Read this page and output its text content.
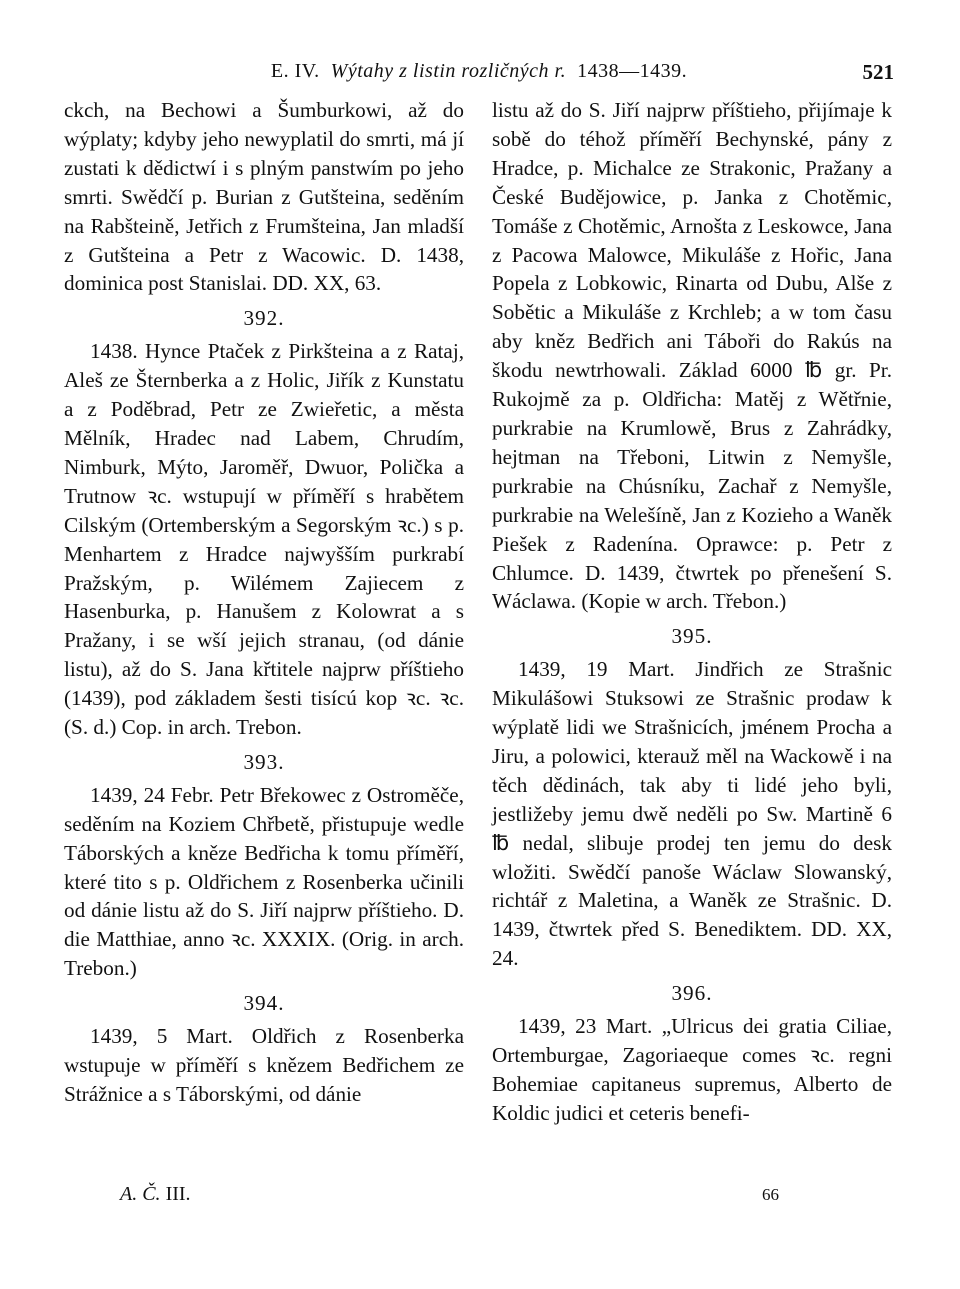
E. IV. Wýtahy z listin rozličných r. 1438—1439.	521

ckch, na Bechowi a Šumburkowi, až do wýplaty; kdyby jeho newyplatil do smrti, má jí zustati k dědictwí i s plným panstwím po jeho smrti. Swědčí p. Burian z Gutšteina, seděním na Rabšteině, Jetřich z Frumšteina, Jan mladší z Gutšteina a Petr z Wacowic. D. 1438, dominica post Stanislai. DD. XX, 63.

392.

1438. Hynce Ptaček z Pirkšteina a z Rataj, Aleš ze Šternberka a z Holic, Jiřík z Kunstatu a z Poděbrad, Petr ze Zwieřetic, a města Mělník, Hradec nad Labem, Chrudím, Nimburk, Mýto, Jaroměř, Dwuor, Polička a Trutnow ꝛc. wstupují w příměří s hrabětem Cilským (Ortemberským a Segorským ꝛc.) s p. Menhartem z Hradce najwyšším purkrabí Pražským, p. Wilémem Zajiecem z Hasenburka, p. Hanušem z Kolowrat a s Pražany, i se wší jejich stranau, (od dánie listu), až do S. Jana křtitele najprw příštieho (1439), pod základem šesti tisícú kop ꝛc. ꝛc. (S. d.) Cop. in arch. Trebon.

393.

1439, 24 Febr. Petr Břekowec z Ostroměče, seděním na Koziem Chřbetě, přistupuje wedle Táborských a kněze Bedřicha k tomu příměří, které tito s p. Oldřichem z Rosenberka učinili od dánie listu až do S. Jiří najprw příštieho. D. die Matthiae, anno ꝛc. XXXIX. (Orig. in arch. Trebon.)

394.

1439, 5 Mart. Oldřich z Rosenberka wstupuje w příměří s knězem Bedřichem ze Strážnice a s Táborskými, od dánie

listu až do S. Jiří najprw příštieho, přijímaje k sobě do téhož příměří Bechynské, pány z Hradce, p. Michalce ze Strakonic, Pražany a České Budějowice, p. Janka z Chotěmic, Tomáše z Chotěmic, Arnošta z Leskowce, Jana z Pacowa Malowce, Mikuláše z Hořic, Jana Popela z Lobkowic, Rinarta od Dubu, Alše z Sobětic a Mikuláše z Krchleb; a w tom času aby kněz Bedřich ani Táboři do Rakús na škodu newtrhowali. Základ 6000 ℔ gr. Pr. Rukojmě za p. Oldřicha: Matěj z Wětřnie, purkrabie na Krumlowě, Brus z Zahrádky, hejtman na Třeboni, Litwin z Nemyšle, purkrabie na Chúsníku, Zachař z Nemyšle, purkrabie na Welešíně, Jan z Kozieho a Waněk Piešek z Radenína. Oprawce: p. Petr z Chlumce. D. 1439, čtwrtek po přenešení S. Wáclawa. (Kopie w arch. Třebon.)

395.

1439, 19 Mart. Jindřich ze Strašnic Mikulášowi Stuksowi ze Strašnic prodaw k wýplatě lidi we Strašnicích, jménem Procha a Jiru, a polowici, kterauž měl na Wackowě i na těch dědinách, tak aby ti lidé jeho byli, jestližeby jemu dwě neděli po Sw. Martině 6 ℔ nedal, slibuje prodej ten jemu do desk wložiti. Swědčí panoše Wáclaw Slowanský, richtář z Maletina, a Waněk ze Strašnic. D. 1439, čtwrtek před S. Benediktem. DD. XX, 24.

396.

1439, 23 Mart. „Ulricus dei gratia Ciliae, Ortemburgae, Zagoriaeque comes ꝛc. regni Bohemiae capitaneus supremus, Alberto de Koldic judici et ceteris benefi-

A. Č. III.	66
